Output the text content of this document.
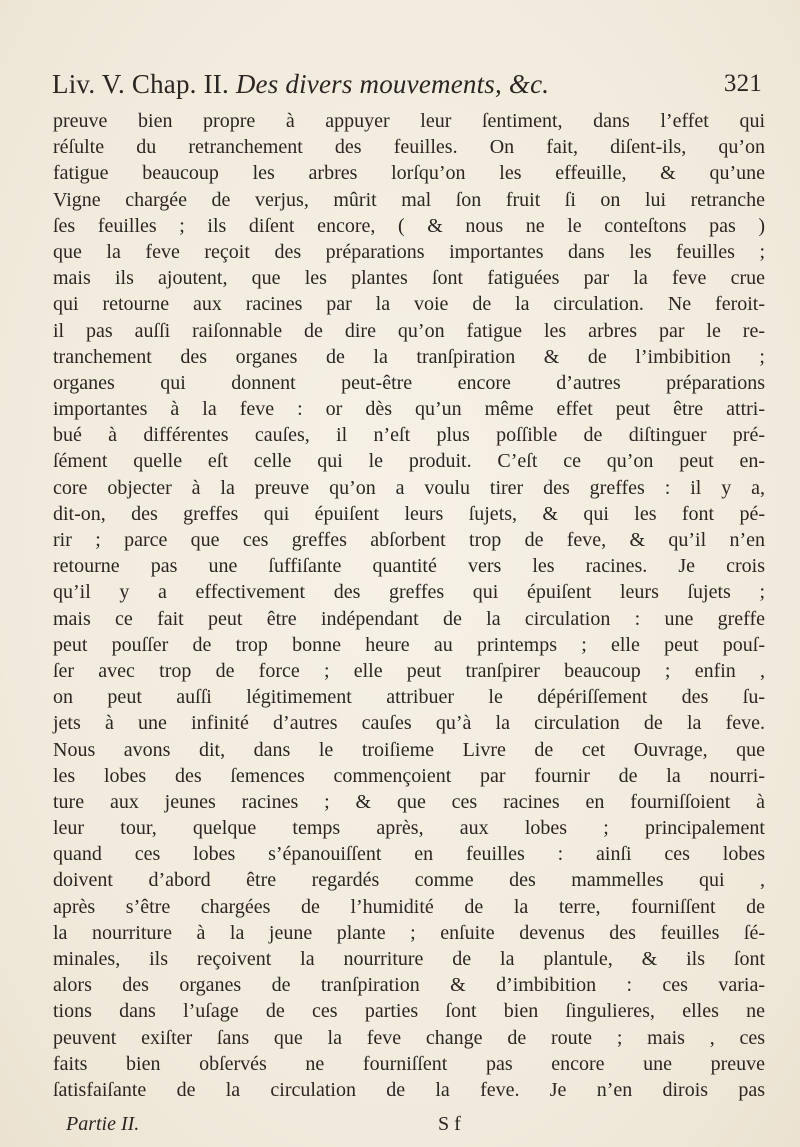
Liv. V. Chap. II. Des divers mouvements, &c.	321
preuve bien propre à appuyer leur ſentiment, dans l’effet qui
réſulte du retranchement des feuilles. On fait, diſent-ils, qu’on
fatigue beaucoup les arbres lorſqu’on les effeuille, & qu’une
Vigne chargée de verjus, mûrit mal ſon fruit ſi on lui retranche
ſes feuilles ; ils diſent encore, ( & nous ne le conteſtons pas )
que la feve reçoit des préparations importantes dans les feuilles ;
mais ils ajoutent, que les plantes ſont fatiguées par la feve crue
qui retourne aux racines par la voie de la circulation. Ne feroit-
il pas auſſi raiſonnable de dire qu’on fatigue les arbres par le re-
tranchement des organes de la tranſpiration & de l’imbibition ;
organes qui donnent peut-être encore d’autres préparations
importantes à la feve : or dès qu’un même effet peut être attri-
bué à différentes cauſes, il n’eſt plus poſſible de diſtinguer pré-
ſément quelle eſt celle qui le produit. C’eſt ce qu’on peut en-
core objecter à la preuve qu’on a voulu tirer des greffes : il y a,
dit-on, des greffes qui épuiſent leurs ſujets, & qui les font pé-
rir ; parce que ces greffes abſorbent trop de feve, & qu’il n’en
retourne pas une ſuffiſante quantité vers les racines. Je crois
qu’il y a effectivement des greffes qui épuiſent leurs ſujets ;
mais ce fait peut être indépendant de la circulation : une greffe
peut pouſſer de trop bonne heure au printemps ; elle peut pouſ-
ſer avec trop de force ; elle peut tranſpirer beaucoup ; enfin ,
on peut auſſi légitimement attribuer le dépériſſement des ſu-
jets à une infinité d’autres cauſes qu’à la circulation de la feve.
Nous avons dit, dans le troiſieme Livre de cet Ouvrage, que
les lobes des ſemences commençoient par fournir de la nourri-
ture aux jeunes racines ; & que ces racines en fourniſſoient à
leur tour, quelque temps après, aux lobes ; principalement
quand ces lobes s’épanouiſſent en feuilles : ainſi ces lobes
doivent d’abord être regardés comme des mammelles qui ,
après s’être chargées de l’humidité de la terre, fourniſſent de
la nourriture à la jeune plante ; enſuite devenus des feuilles ſé-
minales, ils reçoivent la nourriture de la plantule, & ils ſont
alors des organes de tranſpiration & d’imbibition : ces varia-
tions dans l’uſage de ces parties ſont bien ſingulieres, elles ne
peuvent exiſter ſans que la feve change de route ; mais , ces
faits bien obſervés ne fourniſſent pas encore une preuve
ſatisfaiſante de la circulation de la feve. Je n’en dirois pas
Partie II.	S f
